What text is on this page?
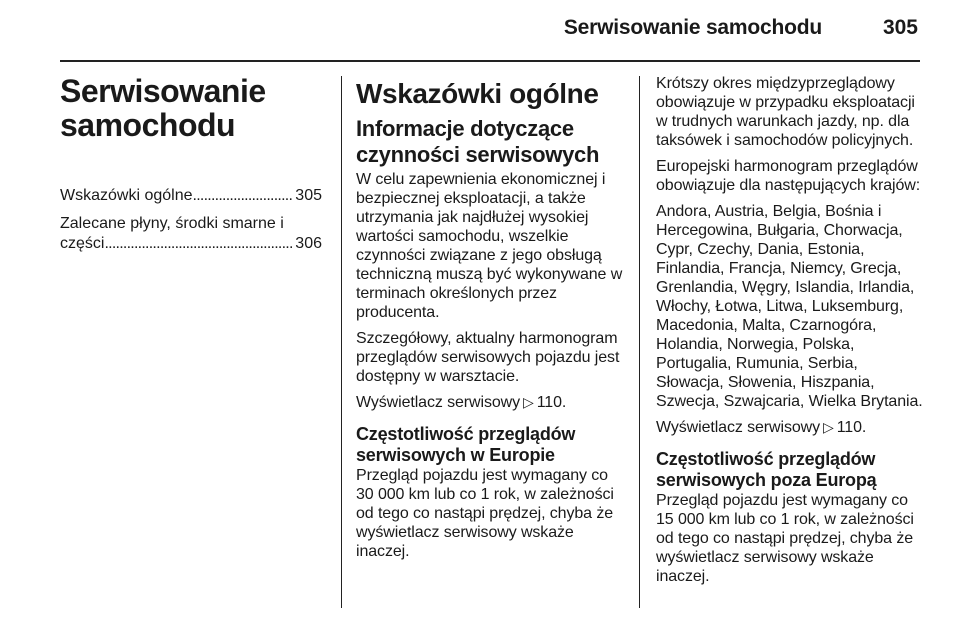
Serwisowanie samochodu	305
Serwisowanie samochodu
Wskazówki ogólne . . .	305
Zalecane płyny, środki smarne i
części . . .	306
Wskazówki ogólne
Informacje dotyczące czynności serwisowych

W celu zapewnienia ekonomicznej i bezpiecznej eksploatacji, a także utrzymania jak najdłużej wysokiej wartości samochodu, wszelkie czynności związane z jego obsługą techniczną muszą być wykonywane w terminach określonych przez producenta.

Szczegółowy, aktualny harmonogram przeglądów serwisowych pojazdu jest dostępny w warsztacie.

Wyświetlacz serwisowy ▷ 110.

Częstotliwość przeglądów serwisowych w Europie

Przegląd pojazdu jest wymagany co 30 000 km lub co 1 rok, w zależności od tego co nastąpi prędzej, chyba że wyświetlacz serwisowy wskaże inaczej.

Krótszy okres międzyprzeglądowy obowiązuje w przypadku eksploatacji w trudnych warunkach jazdy, np. dla taksówek i samochodów policyjnych.

Europejski harmonogram przeglądów obowiązuje dla następujących krajów:

Andora, Austria, Belgia, Bośnia i Hercegowina, Bułgaria, Chorwacja, Cypr, Czechy, Dania, Estonia, Finlandia, Francja, Niemcy, Grecja, Grenlandia, Węgry, Islandia, Irlandia, Włochy, Łotwa, Litwa, Luksemburg, Macedonia, Malta, Czarnogóra, Holandia, Norwegia, Polska, Portugalia, Rumunia, Serbia, Słowacja, Słowenia, Hiszpania, Szwecja, Szwajcaria, Wielka Brytania.

Wyświetlacz serwisowy ▷ 110.

Częstotliwość przeglądów serwisowych poza Europą

Przegląd pojazdu jest wymagany co 15 000 km lub co 1 rok, w zależności od tego co nastąpi prędzej, chyba że wyświetlacz serwisowy wskaże inaczej.
